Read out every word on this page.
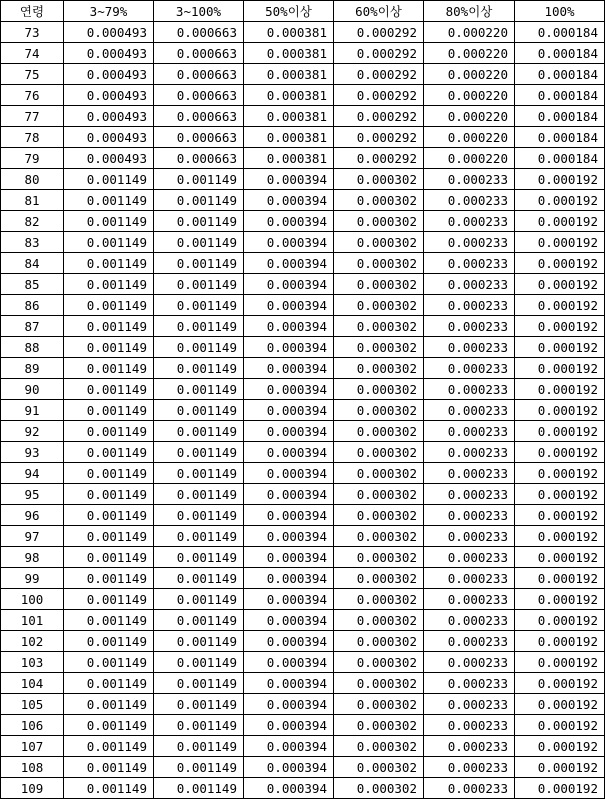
연령	3~79%	3~100%	50%이상	60%이상	80%이상	100%
73	0.000493	0.000663	0.000381	0.000292	0.000220	0.000184
74	0.000493	0.000663	0.000381	0.000292	0.000220	0.000184
75	0.000493	0.000663	0.000381	0.000292	0.000220	0.000184
76	0.000493	0.000663	0.000381	0.000292	0.000220	0.000184
77	0.000493	0.000663	0.000381	0.000292	0.000220	0.000184
78	0.000493	0.000663	0.000381	0.000292	0.000220	0.000184
79	0.000493	0.000663	0.000381	0.000292	0.000220	0.000184
80	0.001149	0.001149	0.000394	0.000302	0.000233	0.000192
81	0.001149	0.001149	0.000394	0.000302	0.000233	0.000192
82	0.001149	0.001149	0.000394	0.000302	0.000233	0.000192
83	0.001149	0.001149	0.000394	0.000302	0.000233	0.000192
84	0.001149	0.001149	0.000394	0.000302	0.000233	0.000192
85	0.001149	0.001149	0.000394	0.000302	0.000233	0.000192
86	0.001149	0.001149	0.000394	0.000302	0.000233	0.000192
87	0.001149	0.001149	0.000394	0.000302	0.000233	0.000192
88	0.001149	0.001149	0.000394	0.000302	0.000233	0.000192
89	0.001149	0.001149	0.000394	0.000302	0.000233	0.000192
90	0.001149	0.001149	0.000394	0.000302	0.000233	0.000192
91	0.001149	0.001149	0.000394	0.000302	0.000233	0.000192
92	0.001149	0.001149	0.000394	0.000302	0.000233	0.000192
93	0.001149	0.001149	0.000394	0.000302	0.000233	0.000192
94	0.001149	0.001149	0.000394	0.000302	0.000233	0.000192
95	0.001149	0.001149	0.000394	0.000302	0.000233	0.000192
96	0.001149	0.001149	0.000394	0.000302	0.000233	0.000192
97	0.001149	0.001149	0.000394	0.000302	0.000233	0.000192
98	0.001149	0.001149	0.000394	0.000302	0.000233	0.000192
99	0.001149	0.001149	0.000394	0.000302	0.000233	0.000192
100	0.001149	0.001149	0.000394	0.000302	0.000233	0.000192
101	0.001149	0.001149	0.000394	0.000302	0.000233	0.000192
102	0.001149	0.001149	0.000394	0.000302	0.000233	0.000192
103	0.001149	0.001149	0.000394	0.000302	0.000233	0.000192
104	0.001149	0.001149	0.000394	0.000302	0.000233	0.000192
105	0.001149	0.001149	0.000394	0.000302	0.000233	0.000192
106	0.001149	0.001149	0.000394	0.000302	0.000233	0.000192
107	0.001149	0.001149	0.000394	0.000302	0.000233	0.000192
108	0.001149	0.001149	0.000394	0.000302	0.000233	0.000192
109	0.001149	0.001149	0.000394	0.000302	0.000233	0.000192
